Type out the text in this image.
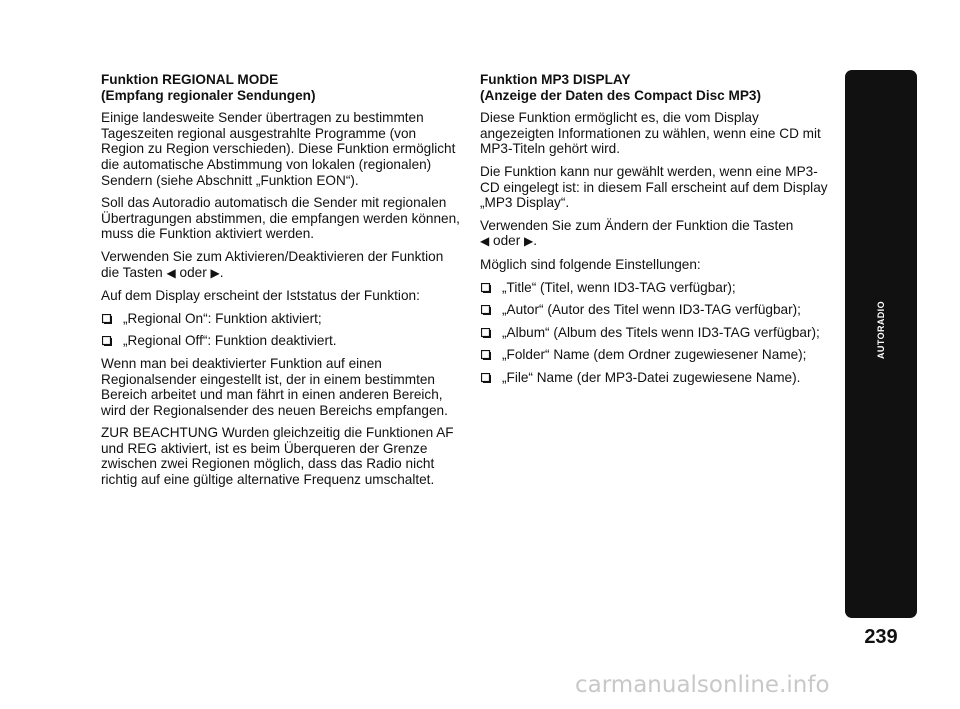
Funktion REGIONAL MODE
(Empfang regionaler Sendungen)

Einige landesweite Sender übertragen zu bestimmten Tageszeiten regional ausgestrahlte Programme (von Region zu Region verschieden). Diese Funktion ermöglicht die automatische Abstimmung von lokalen (regionalen) Sendern (siehe Abschnitt „Funktion EON“).

Soll das Autoradio automatisch die Sender mit regionalen Übertragungen abstimmen, die empfangen werden können, muss die Funktion aktiviert werden.

Verwenden Sie zum Aktivieren/Deaktivieren der Funktion die Tasten ◀ oder ▶.

Auf dem Display erscheint der Iststatus der Funktion:

„Regional On“: Funktion aktiviert;
„Regional Off“: Funktion deaktiviert.

Wenn man bei deaktivierter Funktion auf einen Regionalsender eingestellt ist, der in einem bestimmten Bereich arbeitet und man fährt in einen anderen Bereich, wird der Regionalsender des neuen Bereichs empfangen.

ZUR BEACHTUNG Wurden gleichzeitig die Funktionen AF und REG aktiviert, ist es beim Überqueren der Grenze zwischen zwei Regionen möglich, dass das Radio nicht richtig auf eine gültige alternative Frequenz umschaltet.

Funktion MP3 DISPLAY
(Anzeige der Daten des Compact Disc MP3)

Diese Funktion ermöglicht es, die vom Display angezeigten Informationen zu wählen, wenn eine CD mit MP3-Titeln gehört wird.

Die Funktion kann nur gewählt werden, wenn eine MP3-CD eingelegt ist: in diesem Fall erscheint auf dem Display „MP3 Display“.

Verwenden Sie zum Ändern der Funktion die Tasten
◀ oder ▶.

Möglich sind folgende Einstellungen:

„Title“ (Titel, wenn ID3-TAG verfügbar);
„Autor“ (Autor des Titel wenn ID3-TAG verfügbar);
„Album“ (Album des Titels wenn ID3-TAG verfügbar);
„Folder“ Name (dem Ordner zugewiesener Name);
„File“ Name (der MP3-Datei zugewiesene Name).
AUTORADIO
239
carmanualsonline.info
